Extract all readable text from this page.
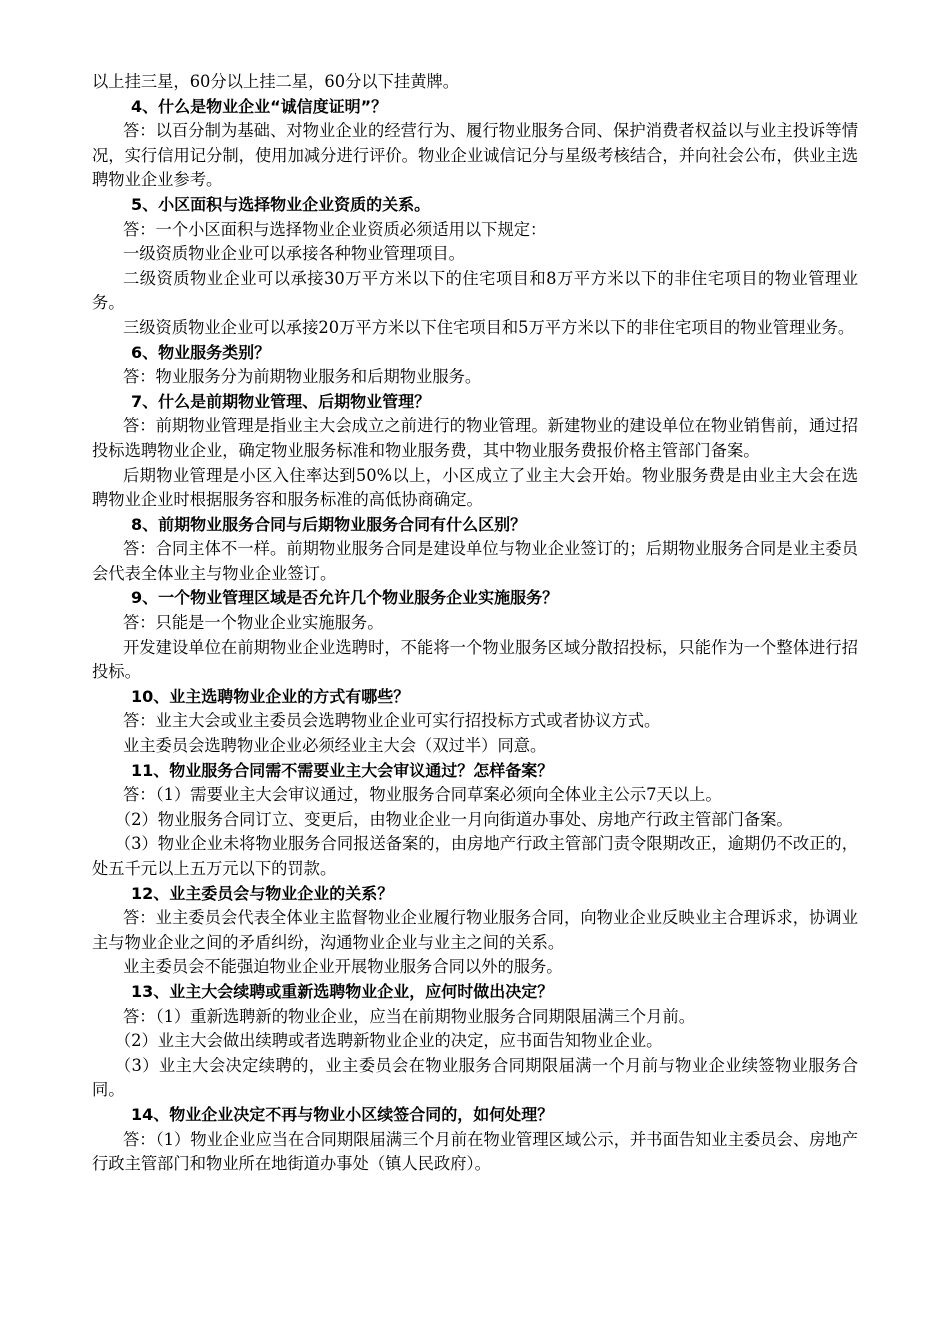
以上挂三星，60分以上挂二星，60分以下挂黄牌。

4、什么是物业企业“诚信度证明”？

答：以百分制为基础、对物业企业的经营行为、履行物业服务合同、保护消费者权益以与业主投诉等情况，实行信用记分制，使用加减分进行评价。物业企业诚信记分与星级考核结合，并向社会公布，供业主选聘物业企业参考。

5、小区面积与选择物业企业资质的关系。

答：一个小区面积与选择物业企业资质必须适用以下规定：

一级资质物业企业可以承接各种物业管理项目。

二级资质物业企业可以承接30万平方米以下的住宅项目和8万平方米以下的非住宅项目的物业管理业务。

三级资质物业企业可以承接20万平方米以下住宅项目和5万平方米以下的非住宅项目的物业管理业务。

6、物业服务类别？

答：物业服务分为前期物业服务和后期物业服务。

7、什么是前期物业管理、后期物业管理？

答：前期物业管理是指业主大会成立之前进行的物业管理。新建物业的建设单位在物业销售前，通过招投标选聘物业企业，确定物业服务标准和物业服务费，其中物业服务费报价格主管部门备案。

后期物业管理是小区入住率达到50%以上，小区成立了业主大会开始。物业服务费是由业主大会在选聘物业企业时根据服务容和服务标准的高低协商确定。

8、前期物业服务合同与后期物业服务合同有什么区别？

答：合同主体不一样。前期物业服务合同是建设单位与物业企业签订的；后期物业服务合同是业主委员会代表全体业主与物业企业签订。

9、一个物业管理区域是否允许几个物业服务企业实施服务？

答：只能是一个物业企业实施服务。

开发建设单位在前期物业企业选聘时，不能将一个物业服务区域分散招投标，只能作为一个整体进行招投标。

10、业主选聘物业企业的方式有哪些？

答：业主大会或业主委员会选聘物业企业可实行招投标方式或者协议方式。

业主委员会选聘物业企业必须经业主大会（双过半）同意。

11、物业服务合同需不需要业主大会审议通过？怎样备案？

答：（1）需要业主大会审议通过，物业服务合同草案必须向全体业主公示7天以上。

（2）物业服务合同订立、变更后，由物业企业一月向街道办事处、房地产行政主管部门备案。

（3）物业企业未将物业服务合同报送备案的，由房地产行政主管部门责令限期改正，逾期仍不改正的，处五千元以上五万元以下的罚款。

12、业主委员会与物业企业的关系？

答：业主委员会代表全体业主监督物业企业履行物业服务合同，向物业企业反映业主合理诉求，协调业主与物业企业之间的矛盾纠纷，沟通物业企业与业主之间的关系。

业主委员会不能强迫物业企业开展物业服务合同以外的服务。

13、业主大会续聘或重新选聘物业企业，应何时做出决定？

答：（1）重新选聘新的物业企业，应当在前期物业服务合同期限届满三个月前。

（2）业主大会做出续聘或者选聘新物业企业的决定，应书面告知物业企业。

（3）业主大会决定续聘的，业主委员会在物业服务合同期限届满一个月前与物业企业续签物业服务合同。

14、物业企业决定不再与物业小区续签合同的，如何处理？

答：（1）物业企业应当在合同期限届满三个月前在物业管理区域公示，并书面告知业主委员会、房地产行政主管部门和物业所在地街道办事处（镇人民政府）。
